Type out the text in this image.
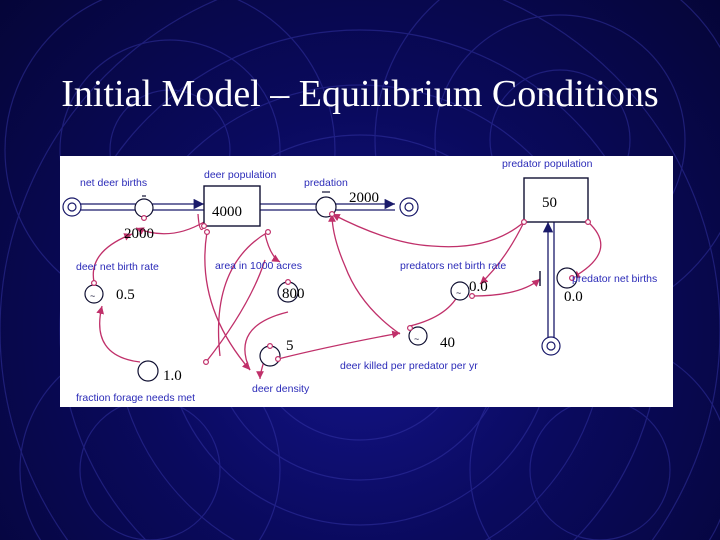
Initial Model – Equilibrium Conditions
~	~
~
net deer births
deer population
predation
predator population
deer net birth rate	area in 1000 acres	predators net birth rate
predator net births
deer killed per predator per yr
deer density
fraction forage needs met
2000
4000
2000	50
0.5	800	0.0
0.0
40
5
1.0
